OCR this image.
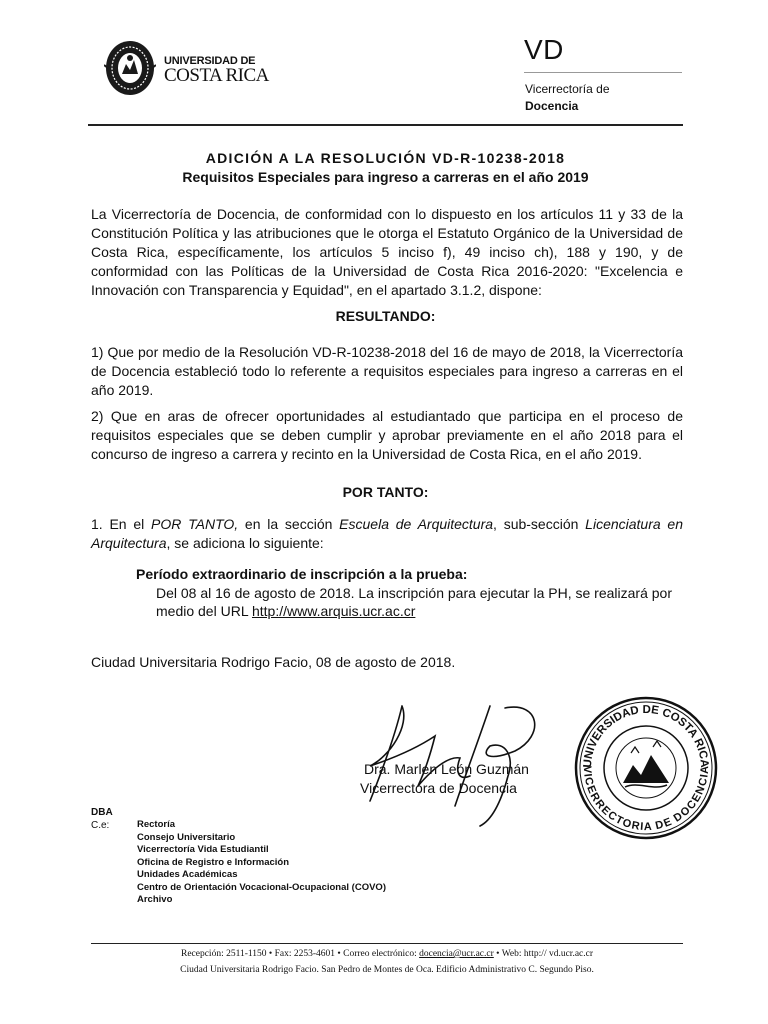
UNIVERSIDAD DE
COSTA RICA
VD
Vicerrectoría de
Docencia
ADICIÓN A LA RESOLUCIÓN VD-R-10238-2018
Requisitos Especiales para ingreso a carreras en el año 2019
La Vicerrectoría de Docencia, de conformidad con lo dispuesto en los artículos 11 y 33 de la Constitución Política y las atribuciones que le otorga el Estatuto Orgánico de la Universidad de Costa Rica, específicamente, los artículos 5 inciso f), 49 inciso ch), 188 y 190, y de conformidad con las Políticas de la Universidad de Costa Rica 2016-2020: "Excelencia e Innovación con Transparencia y Equidad", en el apartado 3.1.2, dispone:
RESULTANDO:
1) Que por medio de la Resolución VD-R-10238-2018 del 16 de mayo de 2018, la Vicerrectoría de Docencia estableció todo lo referente a requisitos especiales para ingreso a carreras en el año 2019.
2) Que en aras de ofrecer oportunidades al estudiantado que participa en el proceso de requisitos especiales que se deben cumplir y aprobar previamente en el año 2018 para el concurso de ingreso a carrera y recinto en la Universidad de Costa Rica, en el año 2019.
POR TANTO:
1. En el POR TANTO, en la sección Escuela de Arquitectura, sub-sección Licenciatura en Arquitectura, se adiciona lo siguiente:
Período extraordinario de inscripción a la prueba:
Del 08 al 16 de agosto de 2018. La inscripción para ejecutar la PH, se realizará por medio del URL http://www.arquis.ucr.ac.cr
Ciudad Universitaria Rodrigo Facio, 08 de agosto de 2018.
Dra. Marlen León Guzmán
Vicerrectora de Docencia
UNIVERSIDAD DE COSTA RICA
VICERRECTORIA DE DOCENCIA
DBA
C.e:	Rectoría
Consejo Universitario
Vicerrectoría Vida Estudiantil
Oficina de Registro e Información
Unidades Académicas
Centro de Orientación Vocacional-Ocupacional (COVO)
Archivo
Recepción: 2511-1150 • Fax: 2253-4601 • Correo electrónico: docencia@ucr.ac.cr • Web: http:// vd.ucr.ac.cr
Ciudad Universitaria Rodrigo Facio. San Pedro de Montes de Oca. Edificio Administrativo C. Segundo Piso.
